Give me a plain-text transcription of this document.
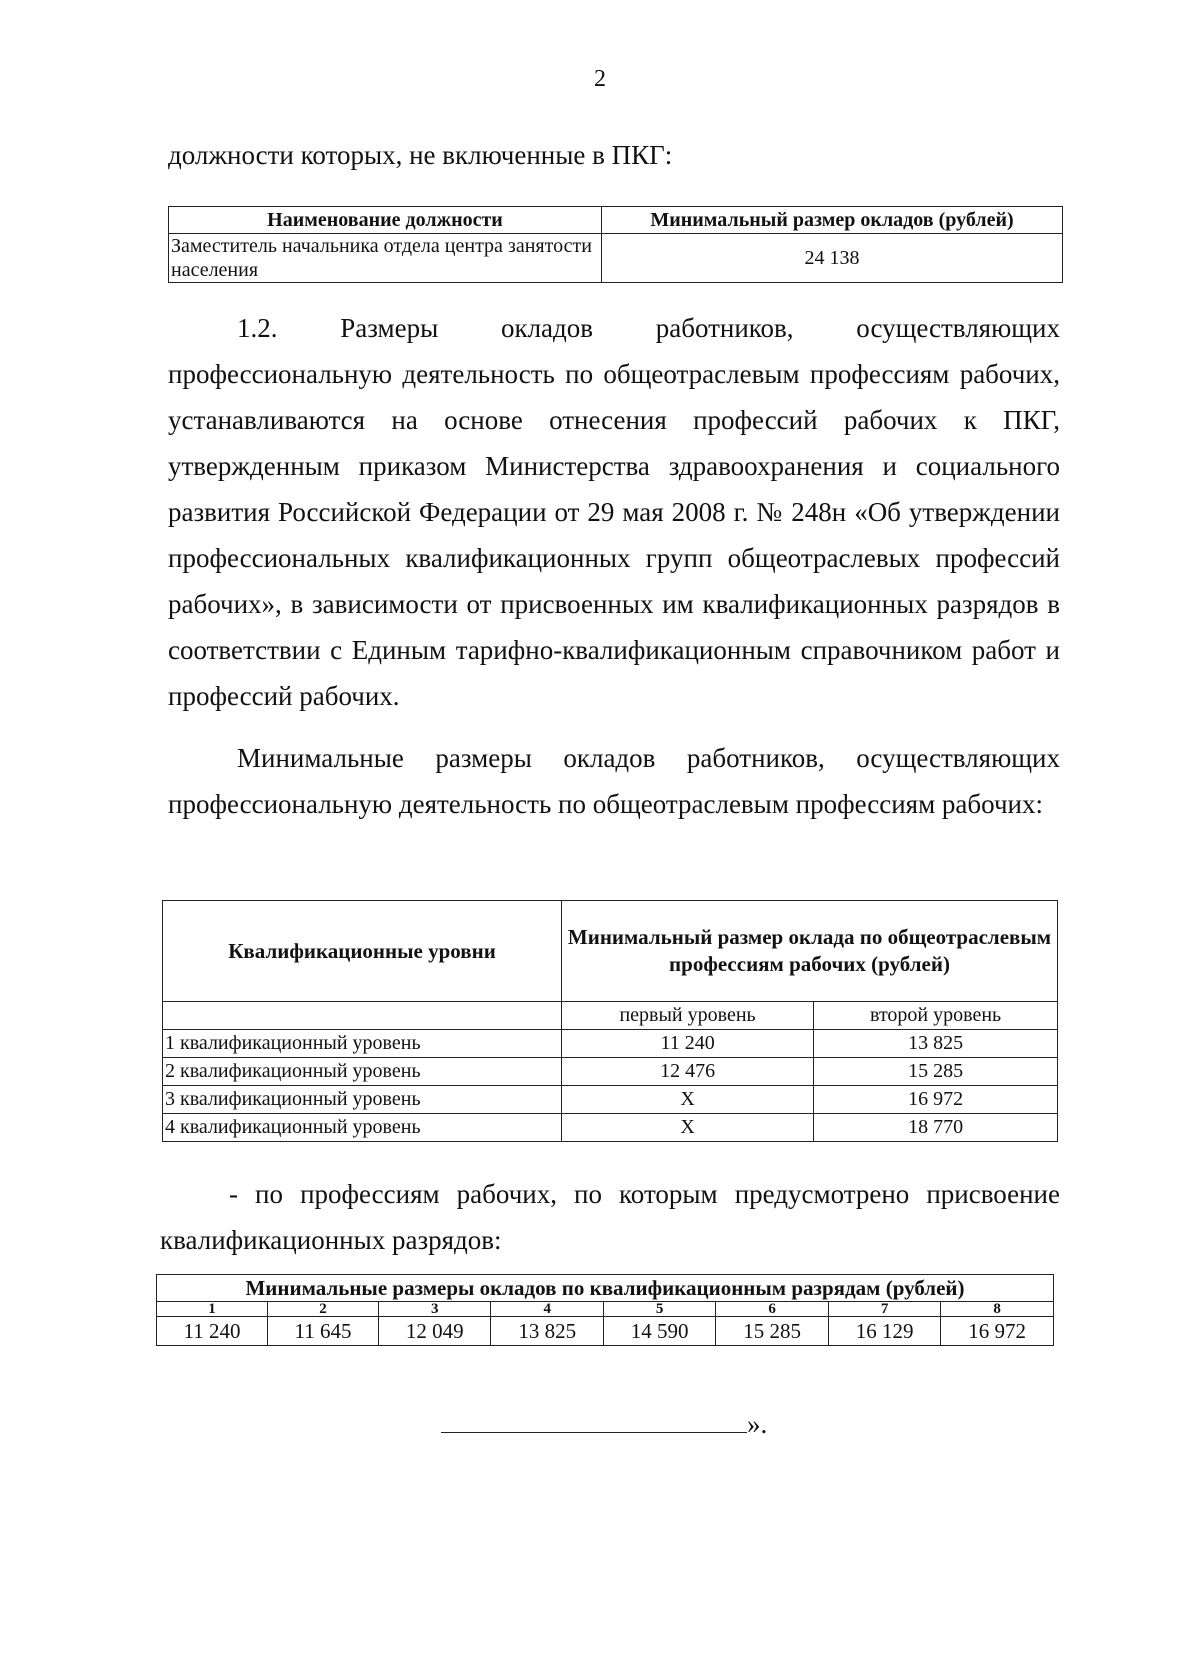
2
должности которых, не включенные в ПКГ:
Наименование должности	Минимальный размер окладов (рублей)
Заместитель начальника отдела центра занятости населения	24 138

1.2. Размеры окладов работников, осуществляющих профессиональную деятельность по общеотраслевым профессиям рабочих, устанавливаются на основе отнесения профессий рабочих к ПКГ, утвержденным приказом Министерства здравоохранения и социального развития Российской Федерации от 29 мая 2008 г. № 248н «Об утверждении профессиональных квалификационных групп общеотраслевых профессий рабочих», в зависимости от присвоенных им квалификационных разрядов в соответствии с Единым тарифно-квалификационным справочником работ и профессий рабочих.

Минимальные размеры окладов работников, осуществляющих профессиональную деятельность по общеотраслевым профессиям рабочих:

Квалификационные уровни	Минимальный размер оклада по общеотраслевым профессиям рабочих (рублей)	
	первый уровень	второй уровень
1 квалификационный уровень	11 240	13 825
2 квалификационный уровень	12 476	15 285
3 квалификационный уровень	X	16 972
4 квалификационный уровень	X	18 770

- по профессиям рабочих, по которым предусмотрено присвоение квалификационных разрядов:

Минимальные размеры окладов по квалификационным разрядам (рублей)							
1	2	3	4	5	6	7	8
11 240	11 645	12 049	13 825	14 590	15 285	16 129	16 972
».
